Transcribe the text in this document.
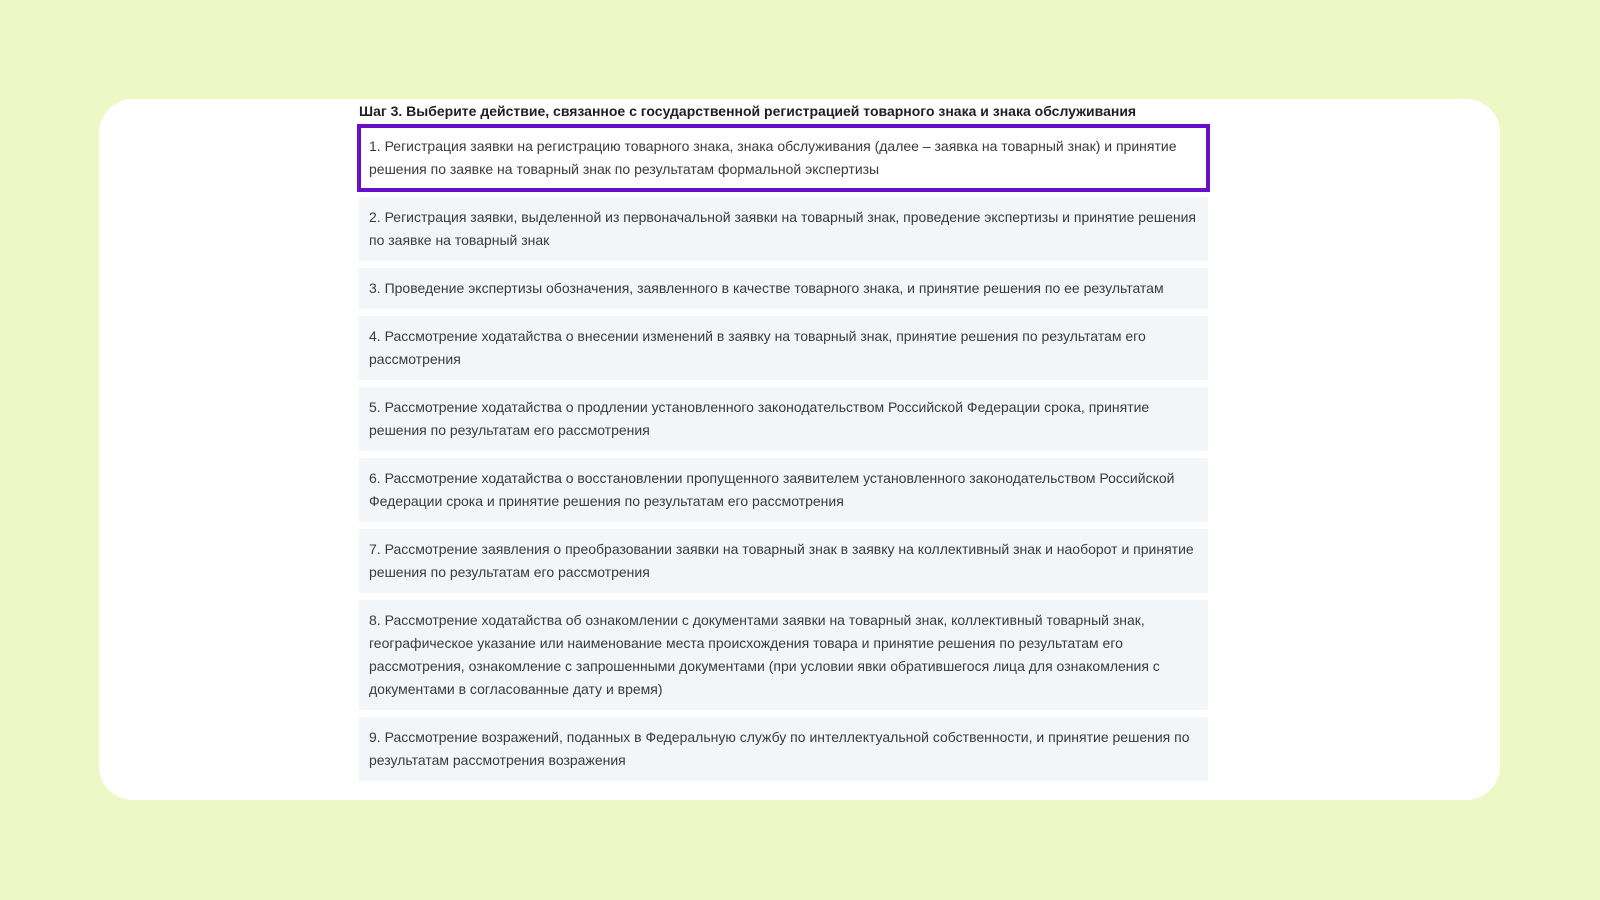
Шаг 3. Выберите действие, связанное с государственной регистрацией товарного знака и знака обслуживания
1. Регистрация заявки на регистрацию товарного знака, знака обслуживания (далее – заявка на товарный знак) и принятие решения по заявке на товарный знак по результатам формальной экспертизы
2. Регистрация заявки, выделенной из первоначальной заявки на товарный знак, проведение экспертизы и принятие решения по заявке на товарный знак
3. Проведение экспертизы обозначения, заявленного в качестве товарного знака, и принятие решения по ее результатам
4. Рассмотрение ходатайства о внесении изменений в заявку на товарный знак, принятие решения по результатам его рассмотрения
5. Рассмотрение ходатайства о продлении установленного законодательством Российской Федерации срока, принятие решения по результатам его рассмотрения
6. Рассмотрение ходатайства о восстановлении пропущенного заявителем установленного законодательством Российской Федерации срока и принятие решения по результатам его рассмотрения
7. Рассмотрение заявления о преобразовании заявки на товарный знак в заявку на коллективный знак и наоборот и принятие решения по результатам его рассмотрения
8. Рассмотрение ходатайства об ознакомлении с документами заявки на товарный знак, коллективный товарный знак, географическое указание или наименование места происхождения товара и принятие решения по результатам его рассмотрения, ознакомление с запрошенными документами (при условии явки обратившегося лица для ознакомления с документами в согласованные дату и время)
9. Рассмотрение возражений, поданных в Федеральную службу по интеллектуальной собственности, и принятие решения по результатам рассмотрения возражения
